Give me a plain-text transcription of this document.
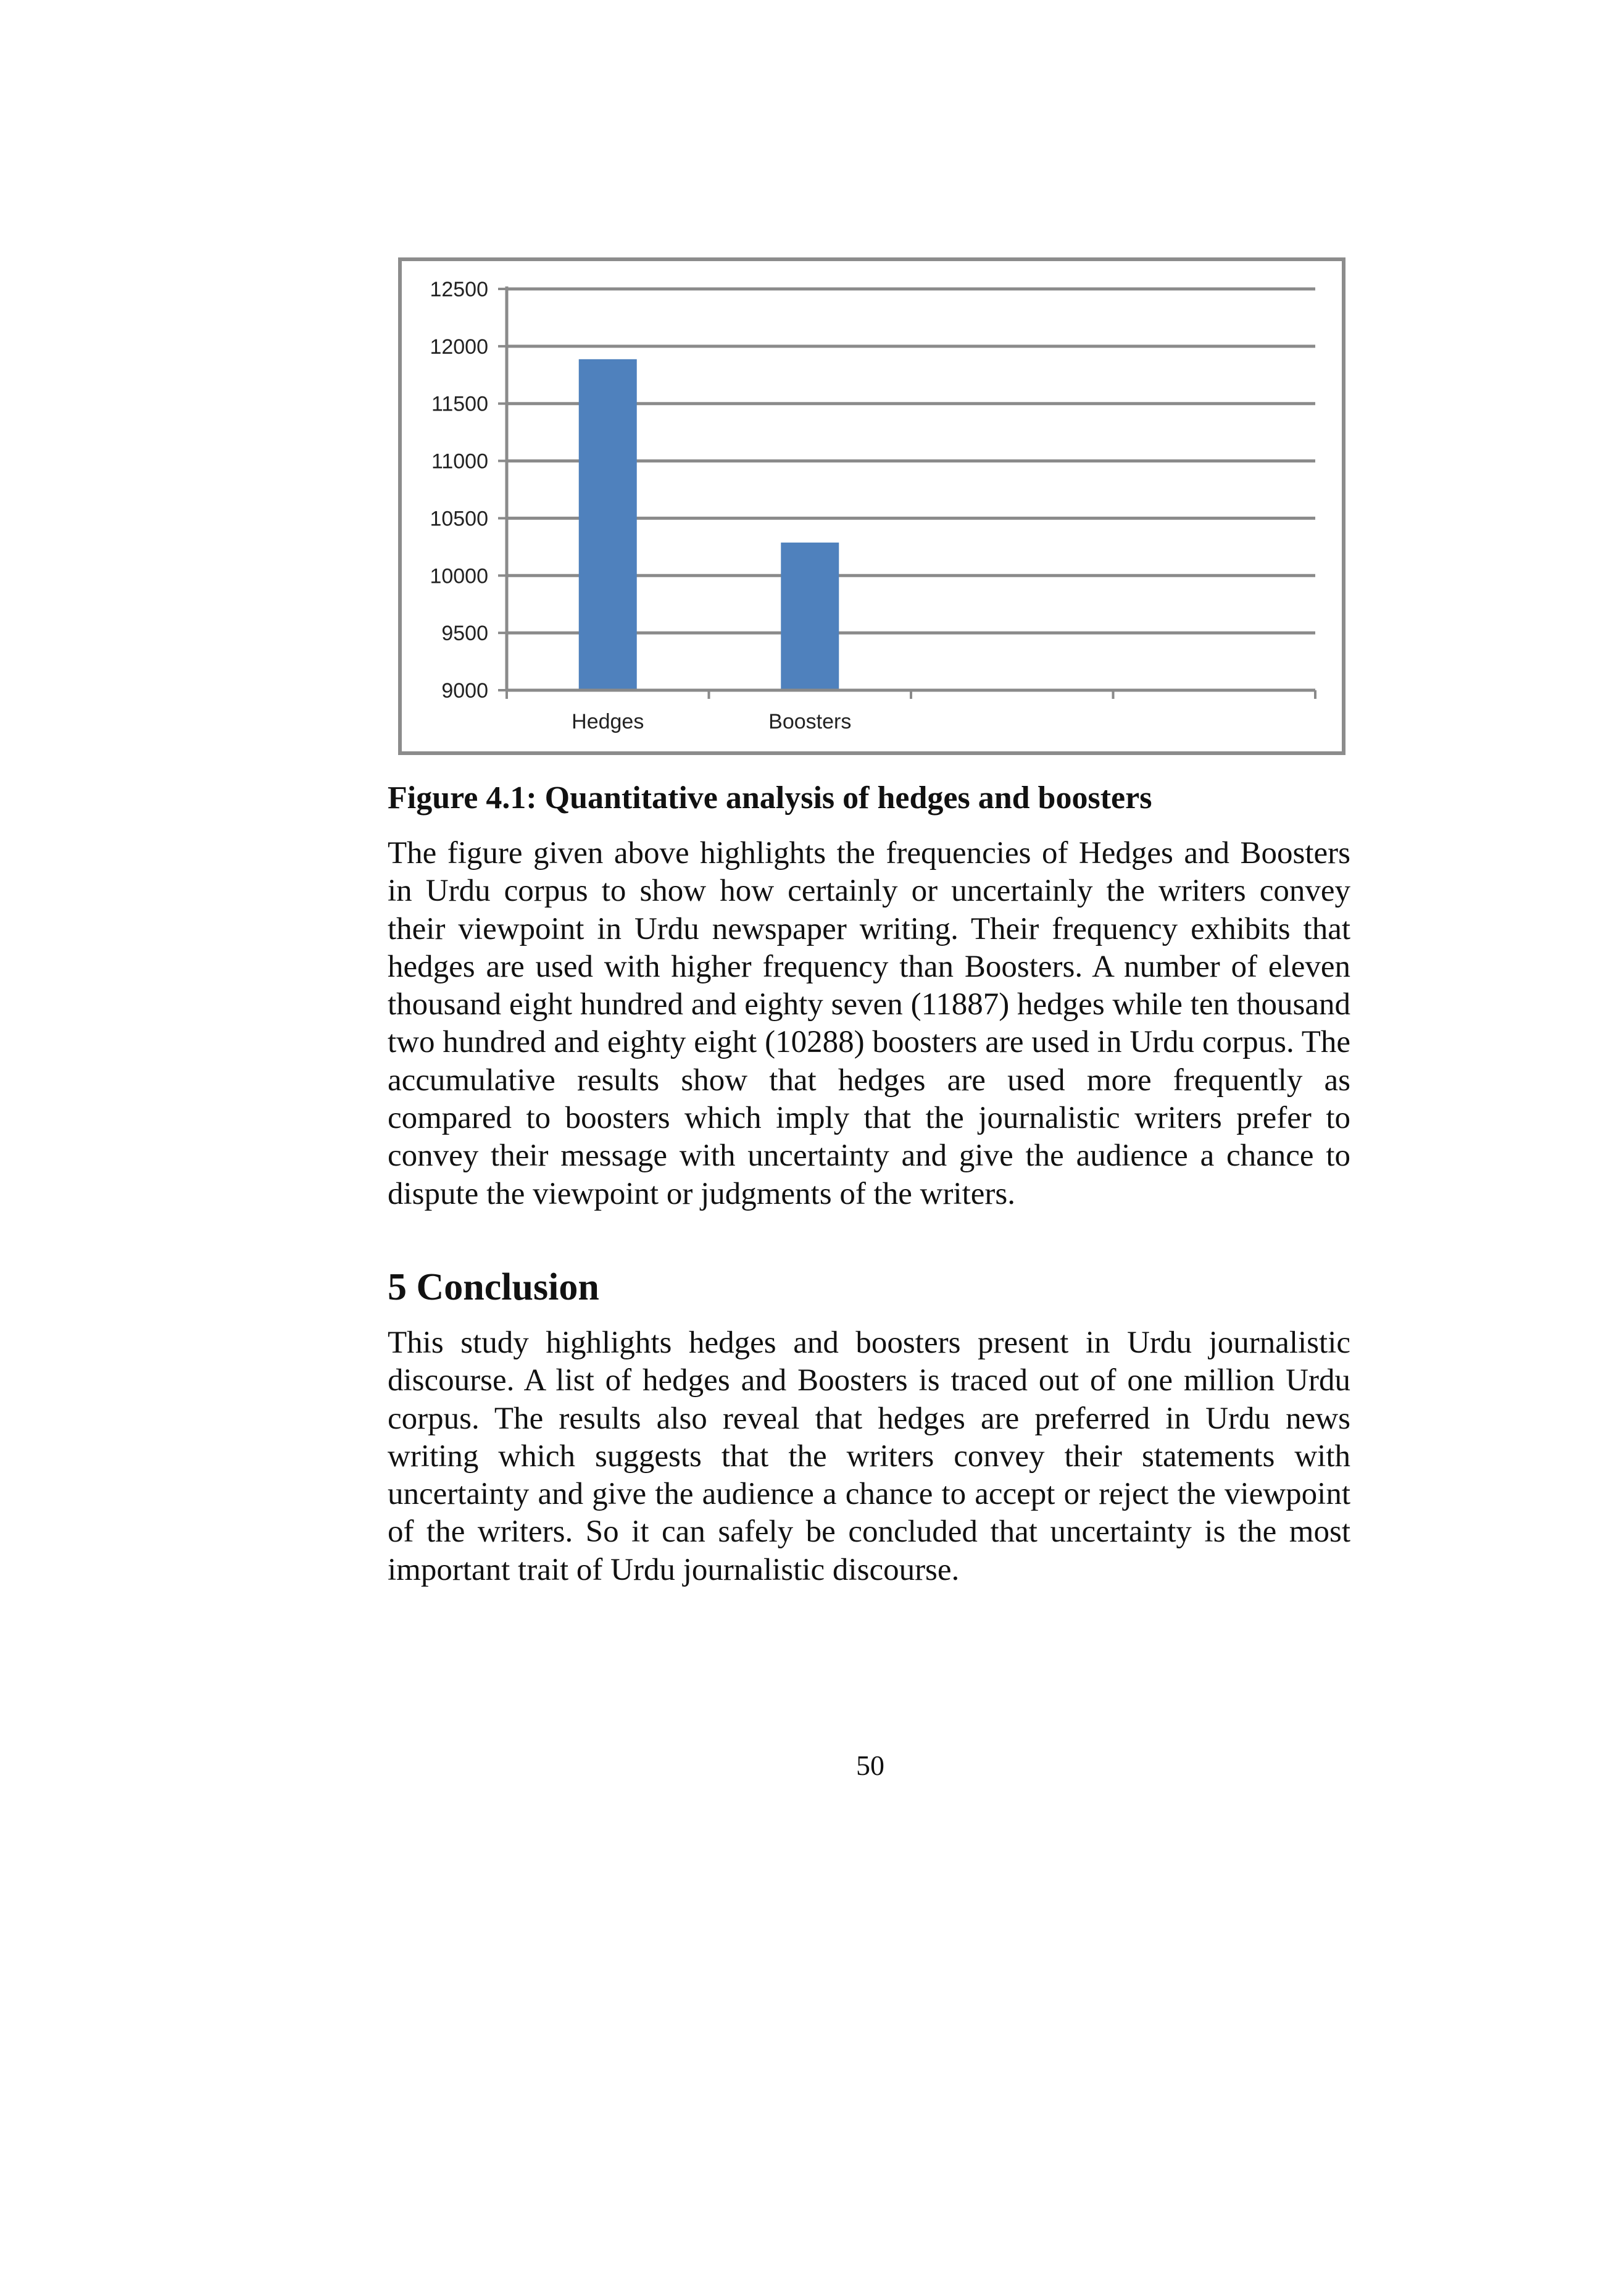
9000
9500
10000
10500
11000
11500
12000
12500
Hedges	Boosters
Figure 4.1: Quantitative analysis of hedges and boosters

The figure given above highlights the frequencies of Hedges and Boosters in Urdu corpus to show how certainly or uncertainly the writers convey their viewpoint in Urdu newspaper writing. Their frequency exhibits that hedges are used with higher frequency than Boosters. A number of eleven thousand eight hundred and eighty seven (11887) hedges while ten thousand two hundred and eighty eight (10288) boosters are used in Urdu corpus. The accumulative results show that hedges are used more frequently as compared to boosters which imply that the journalistic writers prefer to convey their message with uncertainty and give the audience a chance to dispute the viewpoint or judgments of the writers.

5 Conclusion

This study highlights hedges and boosters present in Urdu journalistic discourse. A list of hedges and Boosters is traced out of one million Urdu corpus. The results also reveal that hedges are preferred in Urdu news writing which suggests that the writers convey their statements with uncertainty and give the audience a chance to accept or reject the viewpoint of the writers. So it can safely be concluded that uncertainty is the most important trait of Urdu journalistic discourse.

50
